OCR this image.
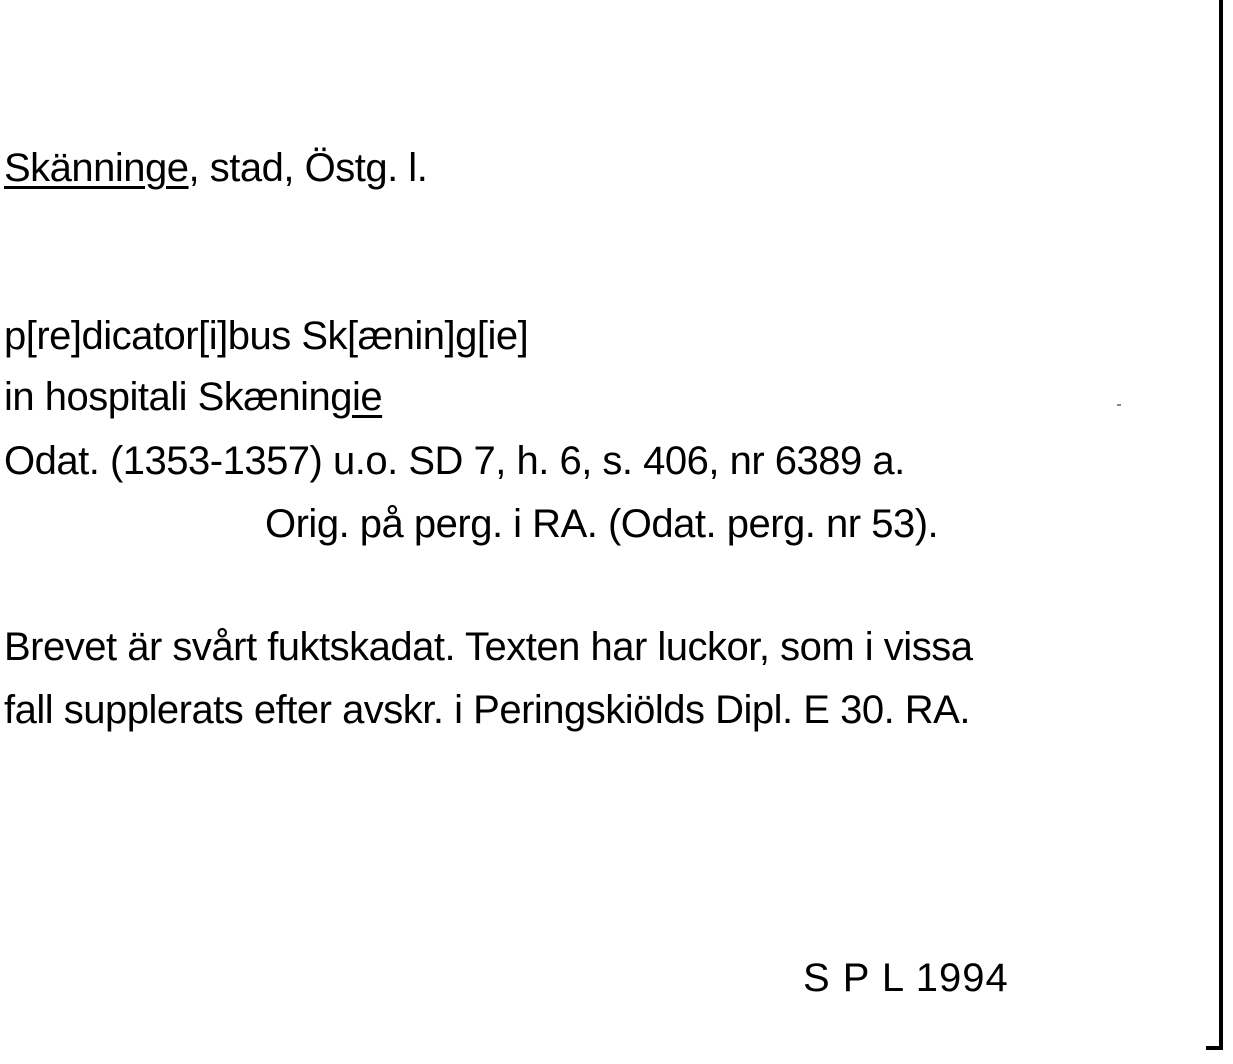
Skänninge, stad, Östg. l.
p[re]dicator[i]bus Sk[ænin]g[ie]
in hospitali Skæningie
Odat. (1353-1357) u.o. SD 7, h. 6, s. 406, nr 6389 a.
Orig. på perg. i RA. (Odat. perg. nr 53).
Brevet är svårt fuktskadat. Texten har luckor, som i vissa
fall supplerats efter avskr. i Peringskiölds Dipl. E 30. RA.
S P L 1994
